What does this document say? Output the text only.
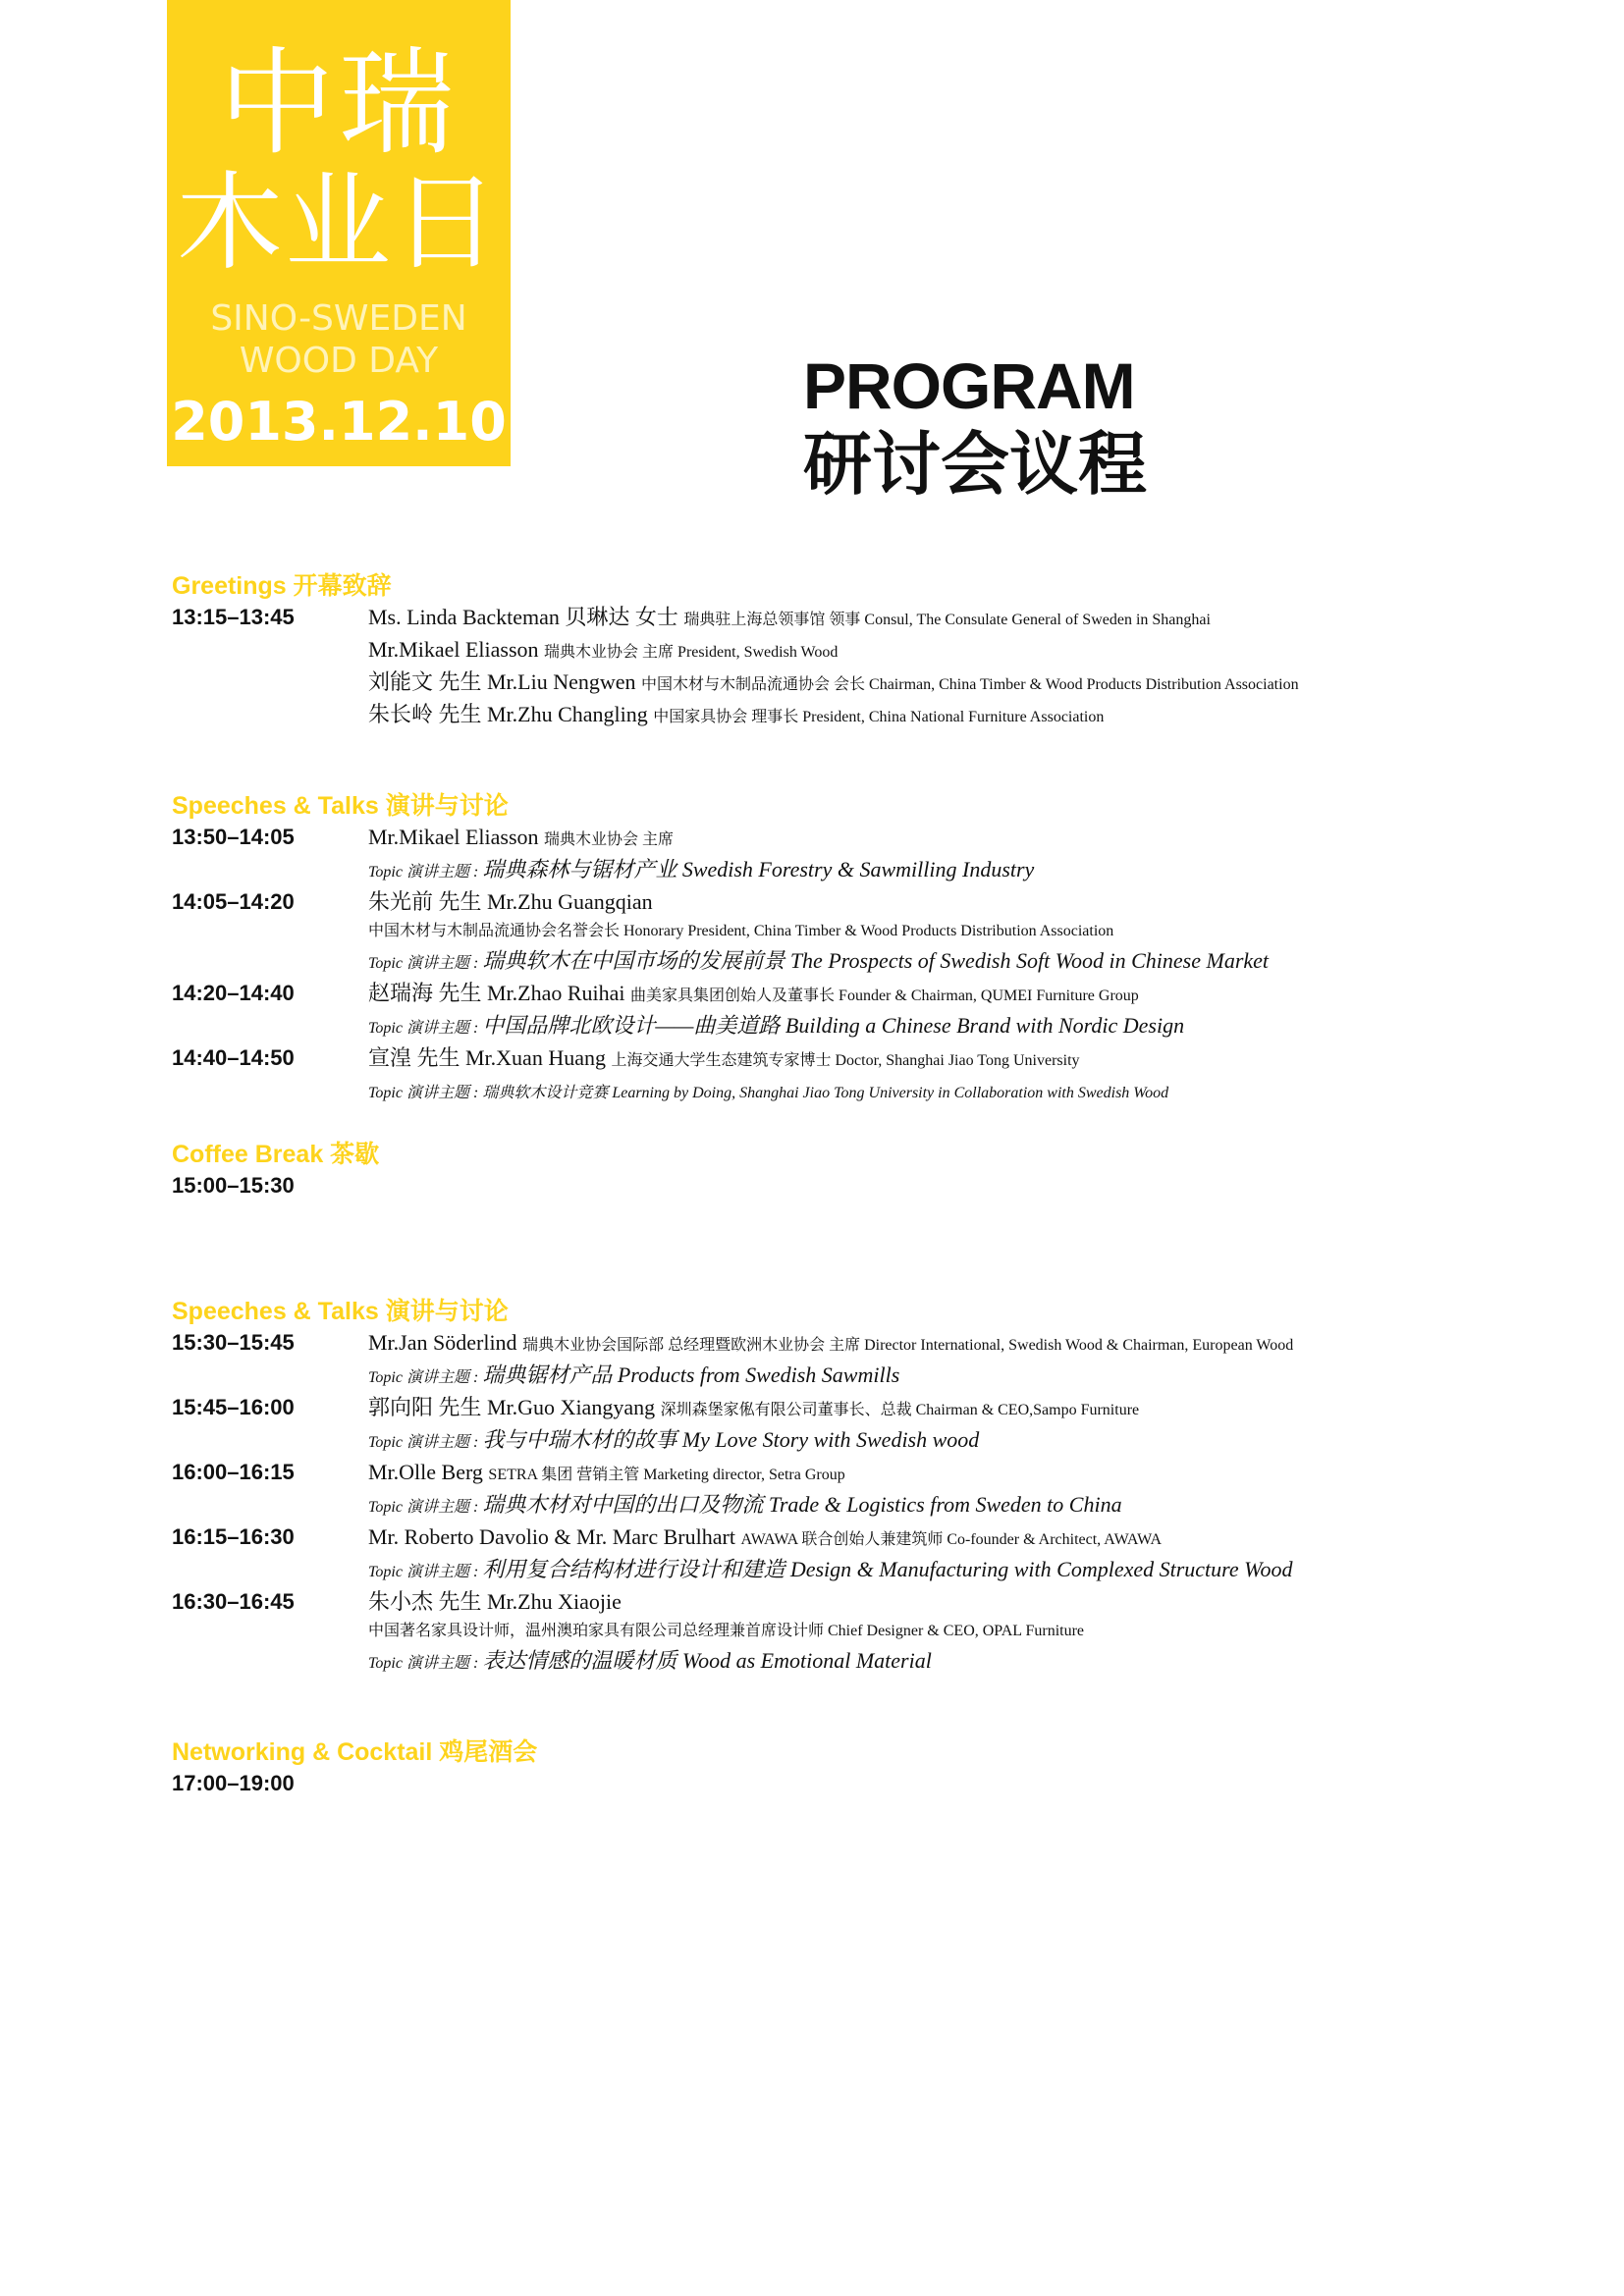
中瑞
木业日
SINO-SWEDEN
WOOD DAY
2013.12.10	PROGRAM
研讨会议程
Greetings 开幕致辞
13:15–13:45	Ms. Linda Backteman 贝琳达 女士 瑞典驻上海总领事馆 领事 Consul, The Consulate General of Sweden in Shanghai
Mr.Mikael Eliasson 瑞典木业协会 主席 President, Swedish Wood
刘能文 先生 Mr.Liu Nengwen 中国木材与木制品流通协会 会长 Chairman, China Timber & Wood Products Distribution Association
朱长岭 先生 Mr.Zhu Changling 中国家具协会 理事长 President, China National Furniture Association
Speeches & Talks 演讲与讨论
13:50–14:05	Mr.Mikael Eliasson 瑞典木业协会 主席
Topic 演讲主题 : 瑞典森林与锯材产业 Swedish Forestry & Sawmilling Industry
14:05–14:20	朱光前 先生 Mr.Zhu Guangqian
中国木材与木制品流通协会名誉会长 Honorary President, China Timber & Wood Products Distribution Association
Topic 演讲主题 : 瑞典软木在中国市场的发展前景 The Prospects of Swedish Soft Wood in Chinese Market
14:20–14:40	赵瑞海 先生 Mr.Zhao Ruihai 曲美家具集团创始人及董事长 Founder & Chairman, QUMEI Furniture Group
Topic 演讲主题 : 中国品牌北欧设计——曲美道路 Building a Chinese Brand with Nordic Design
14:40–14:50	宣湟 先生 Mr.Xuan Huang 上海交通大学生态建筑专家博士 Doctor, Shanghai Jiao Tong University
Topic 演讲主题 : 瑞典软木设计竞赛 Learning by Doing, Shanghai Jiao Tong University in Collaboration with Swedish Wood
Coffee Break 茶歇
15:00–15:30
Speeches & Talks 演讲与讨论
15:30–15:45	Mr.Jan Söderlind 瑞典木业协会国际部 总经理暨欧洲木业协会 主席 Director International, Swedish Wood & Chairman, European Wood
Topic 演讲主题 : 瑞典锯材产品 Products from Swedish Sawmills
15:45–16:00	郭向阳 先生 Mr.Guo Xiangyang 深圳森堡家俬有限公司董事长、总裁 Chairman & CEO,Sampo Furniture
Topic 演讲主题 : 我与中瑞木材的故事 My Love Story with Swedish wood
16:00–16:15	Mr.Olle Berg SETRA 集团 营销主管 Marketing director, Setra Group
Topic 演讲主题 : 瑞典木材对中国的出口及物流 Trade & Logistics from Sweden to China
16:15–16:30	Mr. Roberto Davolio & Mr. Marc Brulhart AWAWA 联合创始人兼建筑师 Co-founder & Architect, AWAWA
Topic 演讲主题 : 利用复合结构材进行设计和建造 Design & Manufacturing with Complexed Structure Wood
16:30–16:45	朱小杰 先生 Mr.Zhu Xiaojie
中国著名家具设计师，温州澳珀家具有限公司总经理兼首席设计师 Chief Designer & CEO, OPAL Furniture
Topic 演讲主题 : 表达情感的温暖材质 Wood as Emotional Material
Networking & Cocktail 鸡尾酒会
17:00–19:00
